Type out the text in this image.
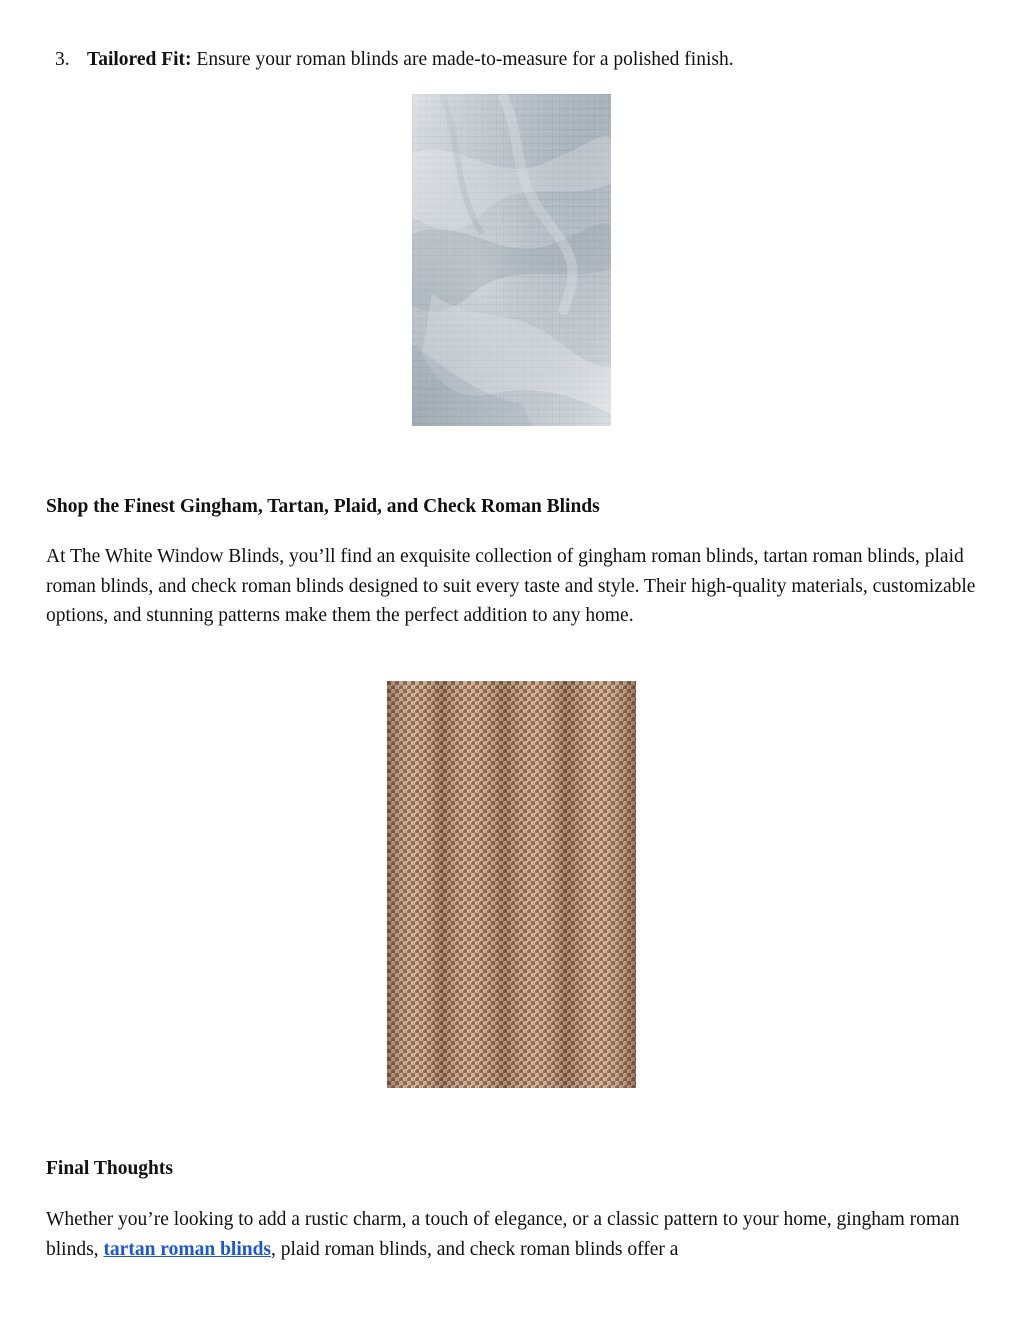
3. Tailored Fit: Ensure your roman blinds are made-to-measure for a polished finish.
Shop the Finest Gingham, Tartan, Plaid, and Check Roman Blinds

At The White Window Blinds, you’ll find an exquisite collection of gingham roman blinds, tartan roman blinds, plaid roman blinds, and check roman blinds designed to suit every taste and style. Their high-quality materials, customizable options, and stunning patterns make them the perfect addition to any home.

Final Thoughts

Whether you’re looking to add a rustic charm, a touch of elegance, or a classic pattern to your home, gingham roman blinds, tartan roman blinds, plaid roman blinds, and check roman blinds offer a
